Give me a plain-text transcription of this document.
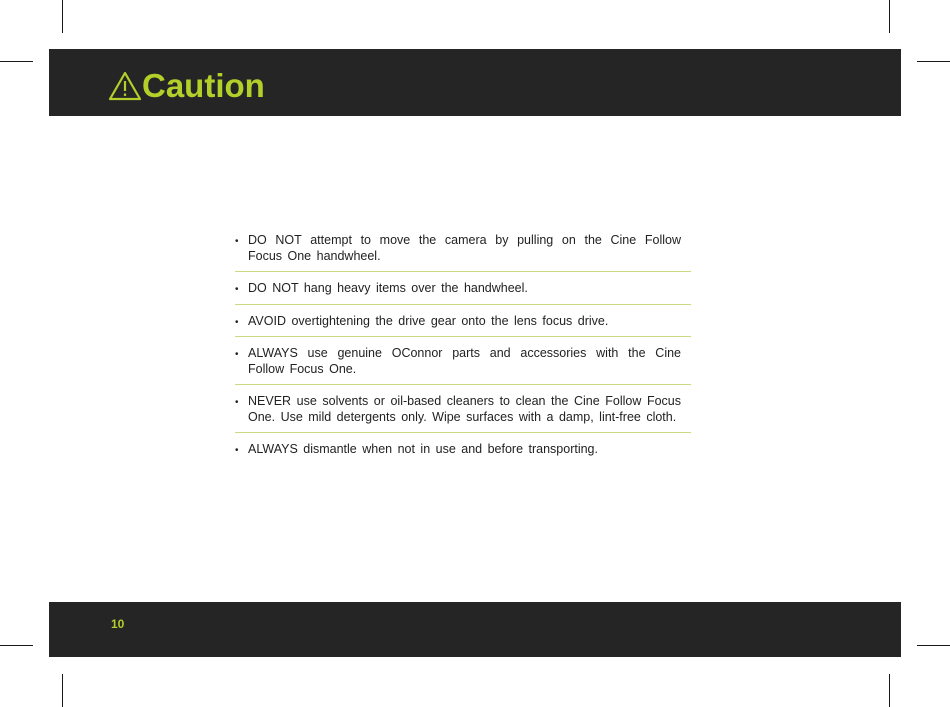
Caution
• DO NOT attempt to move the camera by pulling on the Cine Follow Focus One handwheel.
• DO NOT hang heavy items over the handwheel.
• AVOID overtightening the drive gear onto the lens focus drive.
• ALWAYS use genuine OConnor parts and accessories with the Cine Follow Focus One.
• NEVER use solvents or oil-based cleaners to clean the Cine Follow Focus One. Use mild detergents only. Wipe surfaces with a damp, lint-free cloth.
• ALWAYS dismantle when not in use and before transporting.
10
